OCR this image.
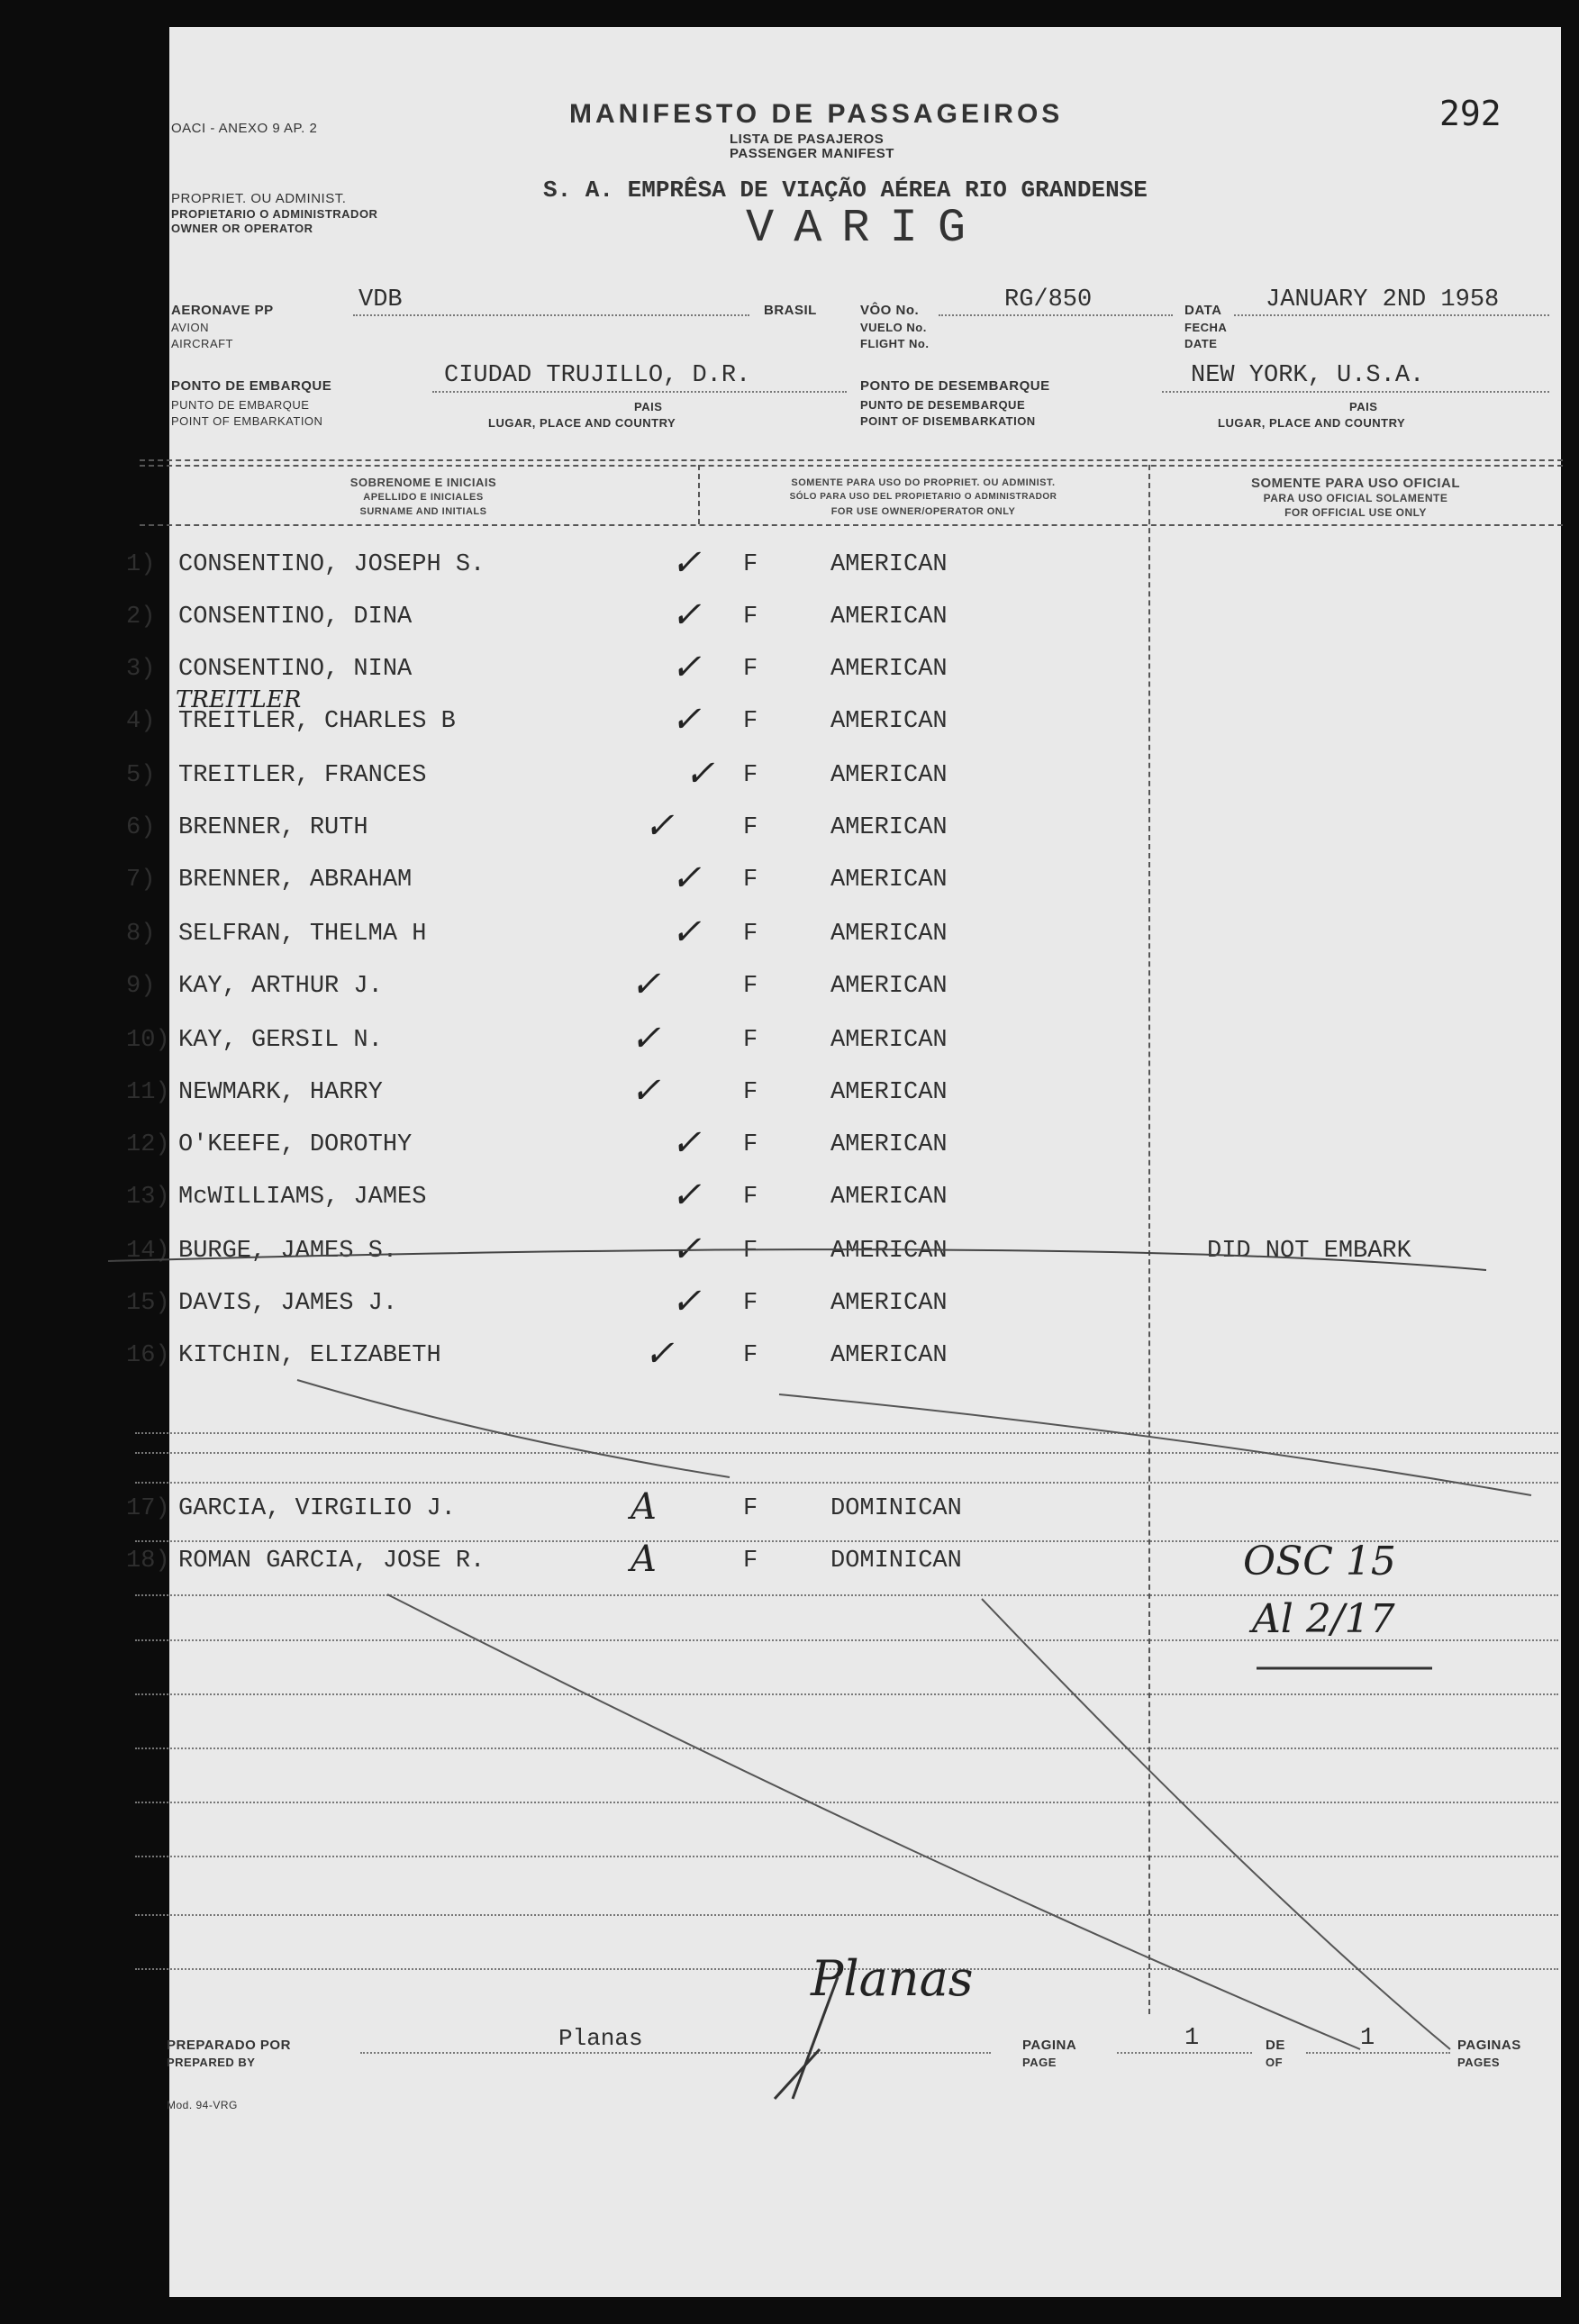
292
OACI - ANEXO 9 AP. 2	MANIFESTO DE PASSAGEIROS
LISTA DE PASAJEROS
PASSENGER MANIFEST
PROPRIET. OU ADMINIST.
PROPIETARIO O ADMINISTRADOR
OWNER OR OPERATOR
S. A. EMPRÊSA DE VIAÇÃO AÉREA RIO GRANDENSE
VARIG
AERONAVE PP
AVION
AIRCRAFT
VDB	BRASIL	VÔO No.
VUELO No.
FLIGHT No.
RG/850	DATA
FECHA
DATE
JANUARY 2ND 1958
PONTO DE EMBARQUE
PUNTO DE EMBARQUE
POINT OF EMBARKATION
CIUDAD TRUJILLO, D.R.
PAIS
LUGAR, PLACE AND COUNTRY
PONTO DE DESEMBARQUE
PUNTO DE DESEMBARQUE
POINT OF DISEMBARKATION
NEW YORK, U.S.A.
PAIS
LUGAR, PLACE AND COUNTRY
SOBRENOME E INICIAIS
APELLIDO E INICIALES
SURNAME AND INITIALS
SOMENTE PARA USO DO PROPRIET. OU ADMINIST.
SÓLO PARA USO DEL PROPIETARIO O ADMINISTRADOR
FOR USE OWNER/OPERATOR ONLY
SOMENTE PARA USO OFICIAL
PARA USO OFICIAL SOLAMENTE
FOR OFFICIAL USE ONLY
1) CONSENTINO, JOSEPH S.	✓ F	AMERICAN
2) CONSENTINO, DINA	✓ F	AMERICAN
3) CONSENTINO, NINA	✓ F	AMERICAN
4) TREITLER, CHARLES B	✓ F	AMERICAN
5) TREITLER, FRANCES	✓ F	AMERICAN
6) BRENNER, RUTH	✓	F	AMERICAN
7) BRENNER, ABRAHAM	✓ F	AMERICAN
8) SELFRAN, THELMA H	✓ F	AMERICAN
9) KAY, ARTHUR J.	✓	F	AMERICAN
10) KAY, GERSIL N.	✓	F	AMERICAN
11) NEWMARK, HARRY	✓	F	AMERICAN
12) O'KEEFE, DOROTHY	✓ F	AMERICAN
13) McWILLIAMS, JAMES	✓ F	AMERICAN
14) BURGE, JAMES S.	✓ F	AMERICAN	DID NOT EMBARK
15) DAVIS, JAMES J.	✓ F	AMERICAN
16) KITCHIN, ELIZABETH	✓	F	AMERICAN
17) GARCIA, VIRGILIO J.	A	F	DOMINICAN
18) ROMAN GARCIA, JOSE R.	A	F	DOMINICAN
TREITLER
OSC 15
Al 2/17
Planas
PREPARADO POR
PREPARED BY
Planas	PAGINA
PAGE
1	DE
OF
1	PAGINAS
PAGES
Mod. 94-VRG
